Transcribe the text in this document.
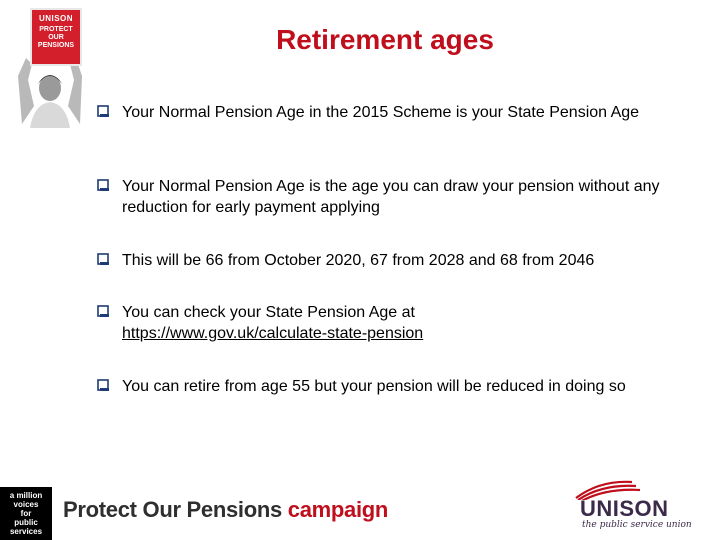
UNISON
PROTECT
OUR
PENSIONS	Retirement ages
Your Normal Pension Age in the 2015 Scheme is your State Pension Age
Your Normal Pension Age is the age you can draw your pension without any reduction for early payment applying
This will be 66 from October 2020, 67 from 2028 and 68 from 2046
You can check your State Pension Age at
https://www.gov.uk/calculate-state-pension
You can retire from age 55 but your pension will be reduced in doing so
a million
voices
for
public
services
Protect Our Pensions campaign	UNISON
the public service union
